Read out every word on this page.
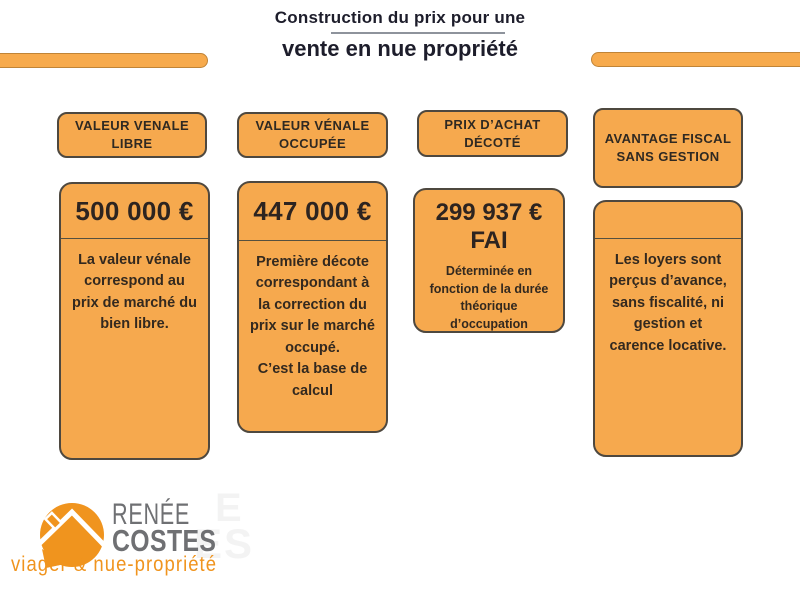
Construction du prix pour une
vente en nue propriété
VALEUR VENALE LIBRE
VALEUR VÉNALE OCCUPÉE
PRIX D’ACHAT DÉCOTÉ	AVANTAGE FISCAL SANS GESTION
500 000 €
La valeur vénale
correspond au
prix de marché du
bien libre.
447 000 €
Première décote
correspondant à
la correction du
prix sur le marché
occupé.
C’est la base de
calcul
299 937 €
FAI
Déterminée en
fonction de la durée
théorique
d’occupation
Les loyers sont
perçus d’avance,
sans fiscalité, ni
gestion et
carence locative.
E
ES
RENÉE
COSTES
viager & nue-propriété
